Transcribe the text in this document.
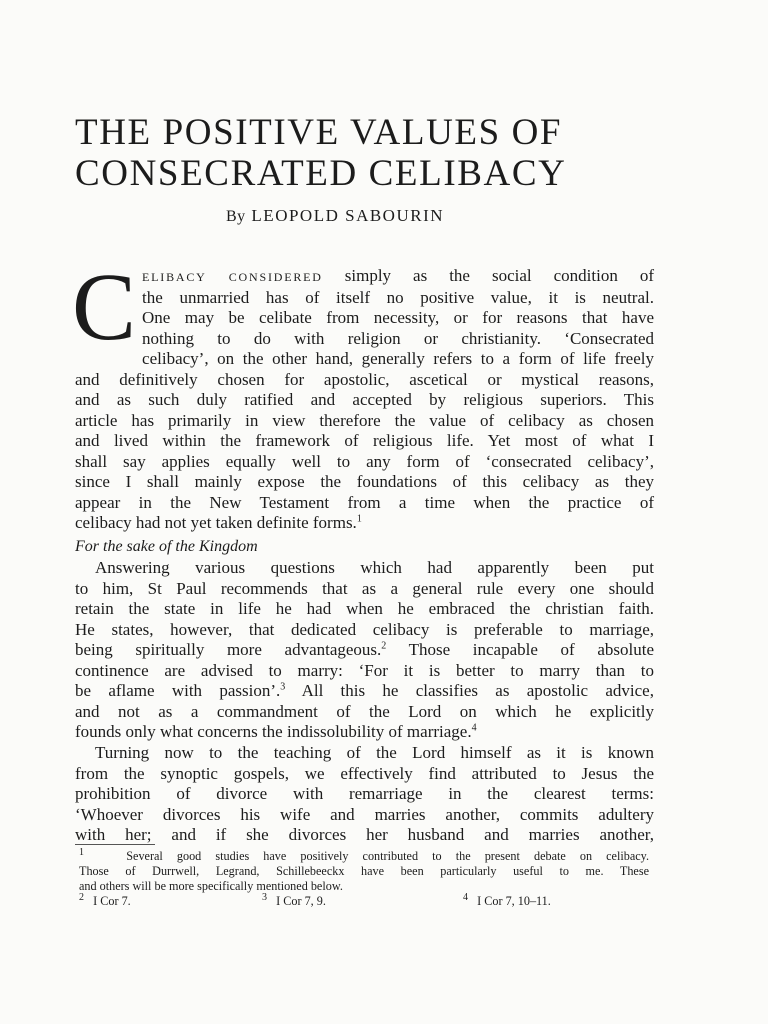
THE POSITIVE VALUES OF
CONSECRATED CELIBACY

By LEOPOLD SABOURIN

C ELIBACY CONSIDERED simply as the social condition of
the unmarried has of itself no positive value, it is neutral.
One may be celibate from necessity, or for reasons that have
nothing to do with religion or christianity. ‘Consecrated
celibacy’, on the other hand, generally refers to a form of life freely
and definitively chosen for apostolic, ascetical or mystical reasons,
and as such duly ratified and accepted by religious superiors. This
article has primarily in view therefore the value of celibacy as chosen
and lived within the framework of religious life. Yet most of what I
shall say applies equally well to any form of ‘consecrated celibacy’,
since I shall mainly expose the foundations of this celibacy as they
appear in the New Testament from a time when the practice of
celibacy had not yet taken definite forms.$^1$

For the sake of the Kingdom

Answering various questions which had apparently been put
to him, St Paul recommends that as a general rule every one should
retain the state in life he had when he embraced the christian faith.
He states, however, that dedicated celibacy is preferable to marriage,
being spiritually more advantageous.$^2$ Those incapable of absolute
continence are advised to marry: ‘For it is better to marry than to
be aflame with passion’.$^3$ All this he classifies as apostolic advice,
and not as a commandment of the Lord on which he explicitly
founds only what concerns the indissolubility of marriage.$^4$
Turning now to the teaching of the Lord himself as it is known
from the synoptic gospels, we effectively find attributed to Jesus the
prohibition of divorce with remarriage in the clearest terms:
‘Whoever divorces his wife and marries another, commits adultery
with her; and if she divorces her husband and marries another,
$^1$	Several good studies have positively contributed to the present debate on celibacy.
Those of Durrwell, Legrand, Schillebeeckx have been particularly useful to me. These
and others will be more specifically mentioned below.
$^2$ I Cor 7.	$^3$ I Cor 7, 9.	$^4$ I Cor 7, 10–11.
